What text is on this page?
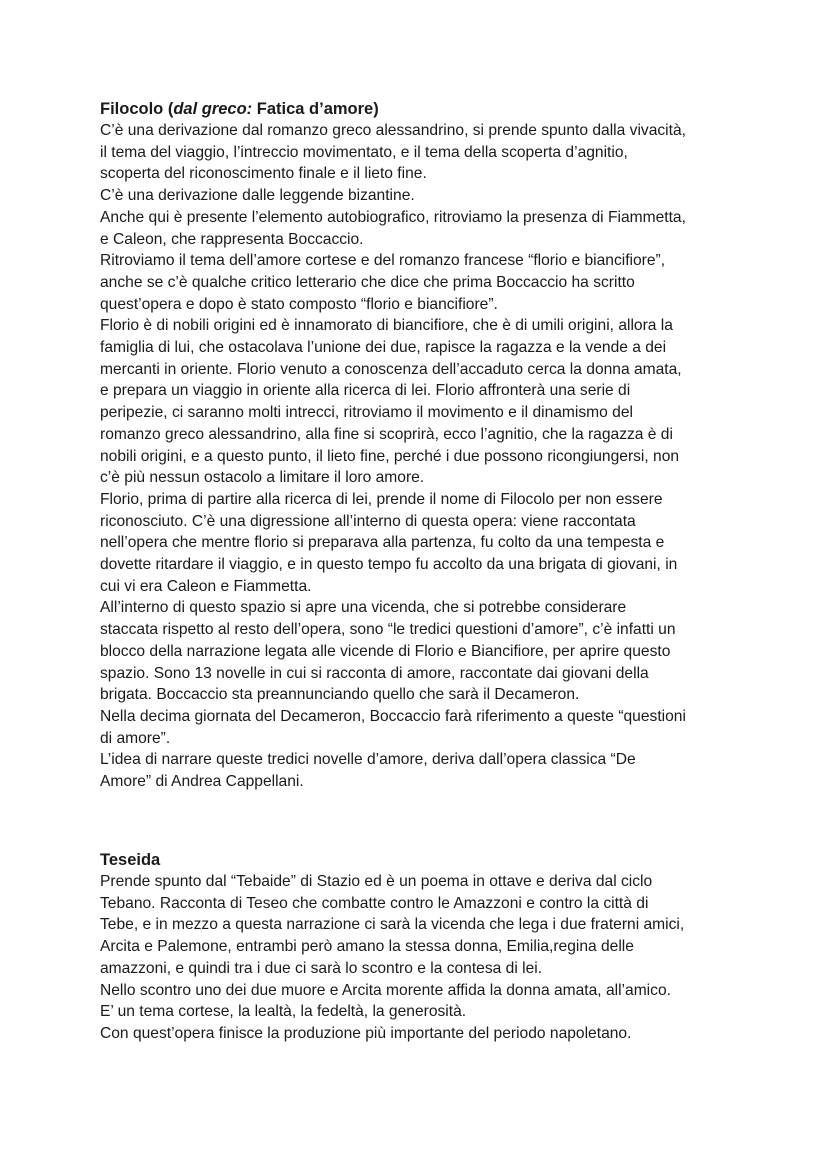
Filocolo (dal greco: Fatica d’amore)
C’è una derivazione dal romanzo greco alessandrino, si prende spunto dalla vivacità,
il tema del viaggio, l’intreccio movimentato, e il tema della scoperta d’agnitio,
scoperta del riconoscimento finale e il lieto fine.
C’è una derivazione dalle leggende bizantine.
Anche qui è presente l’elemento autobiografico, ritroviamo la presenza di Fiammetta,
e Caleon, che rappresenta Boccaccio.
Ritroviamo il tema dell’amore cortese e del romanzo francese “florio e biancifiore”,
anche se c’è qualche critico letterario che dice che prima Boccaccio ha scritto
quest’opera e dopo è stato composto “florio e biancifiore”.
Florio è di nobili origini ed è innamorato di biancifiore, che è di umili origini, allora la
famiglia di lui, che ostacolava l’unione dei due, rapisce la ragazza e la vende a dei
mercanti in oriente. Florio venuto a conoscenza dell’accaduto cerca la donna amata,
e prepara un viaggio in oriente alla ricerca di lei. Florio affronterà una serie di
peripezie, ci saranno molti intrecci, ritroviamo il movimento e il dinamismo del
romanzo greco alessandrino, alla fine si scoprirà, ecco l’agnitio, che la ragazza è di
nobili origini, e a questo punto, il lieto fine, perché i due possono ricongiungersi, non
c’è più nessun ostacolo a limitare il loro amore.
Florio, prima di partire alla ricerca di lei, prende il nome di Filocolo per non essere
riconosciuto. C’è una digressione all’interno di questa opera: viene raccontata
nell’opera che mentre florio si preparava alla partenza, fu colto da una tempesta e
dovette ritardare il viaggio, e in questo tempo fu accolto da una brigata di giovani, in
cui vi era Caleon e Fiammetta.
All’interno di questo spazio si apre una vicenda, che si potrebbe considerare
staccata rispetto al resto dell’opera, sono “le tredici questioni d’amore”, c’è infatti un
blocco della narrazione legata alle vicende di Florio e Biancifiore, per aprire questo
spazio. Sono 13 novelle in cui si racconta di amore, raccontate dai giovani della
brigata. Boccaccio sta preannunciando quello che sarà il Decameron.
Nella decima giornata del Decameron, Boccaccio farà riferimento a queste “questioni
di amore”.
L’idea di narrare queste tredici novelle d’amore, deriva dall’opera classica “De
Amore” di Andrea Cappellani.
Teseida
Prende spunto dal “Tebaide” di Stazio ed è un poema in ottave e deriva dal ciclo
Tebano. Racconta di Teseo che combatte contro le Amazzoni e contro la città di
Tebe, e in mezzo a questa narrazione ci sarà la vicenda che lega i due fraterni amici,
Arcita e Palemone, entrambi però amano la stessa donna, Emilia,regina delle
amazzoni, e quindi tra i due ci sarà lo scontro e la contesa di lei.
Nello scontro uno dei due muore e Arcita morente affida la donna amata, all’amico.
E’ un tema cortese, la lealtà, la fedeltà, la generosità.
Con quest’opera finisce la produzione più importante del periodo napoletano.
